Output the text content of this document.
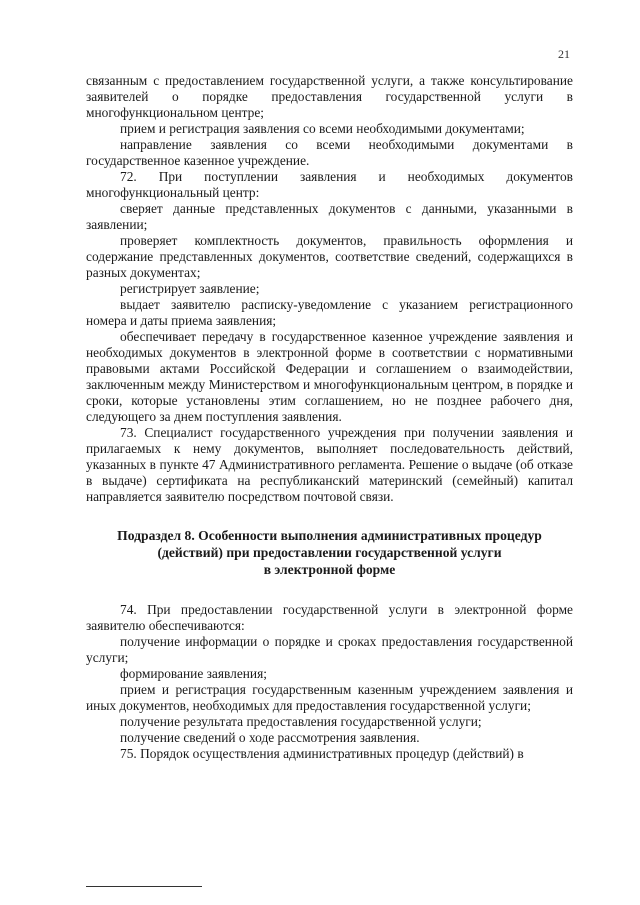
21

связанным с предоставлением государственной услуги, а также консультирование заявителей о порядке предоставления государственной услуги в многофункциональном центре;

прием и регистрация заявления со всеми необходимыми документами;

направление заявления со всеми необходимыми документами в государственное казенное учреждение.

72. При поступлении заявления и необходимых документов многофункциональный центр:

сверяет данные представленных документов с данными, указанными в заявлении;

проверяет комплектность документов, правильность оформления и содержание представленных документов, соответствие сведений, содержащихся в разных документах;

регистрирует заявление;

выдает заявителю расписку-уведомление с указанием регистрационного номера и даты приема заявления;

обеспечивает передачу в государственное казенное учреждение заявления и необходимых документов в электронной форме в соответствии с нормативными правовыми актами Российской Федерации и соглашением о взаимодействии, заключенным между Министерством и многофункциональным центром, в порядке и сроки, которые установлены этим соглашением, но не позднее рабочего дня, следующего за днем поступления заявления.

73. Специалист государственного учреждения при получении заявления и прилагаемых к нему документов, выполняет последовательность действий, указанных в пункте 47 Административного регламента. Решение о выдаче (об отказе в выдаче) сертификата на республиканский материнский (семейный) капитал направляется заявителю посредством почтовой связи.

Подраздел 8. Особенности выполнения административных процедур
(действий) при предоставлении государственной услуги
в электронной форме

74. При предоставлении государственной услуги в электронной форме заявителю обеспечиваются:

получение информации о порядке и сроках предоставления государственной услуги;

формирование заявления;

прием и регистрация государственным казенным учреждением заявления и иных документов, необходимых для предоставления государственной услуги;

получение результата предоставления государственной услуги;

получение сведений о ходе рассмотрения заявления.

75. Порядок осуществления административных процедур (действий) в
